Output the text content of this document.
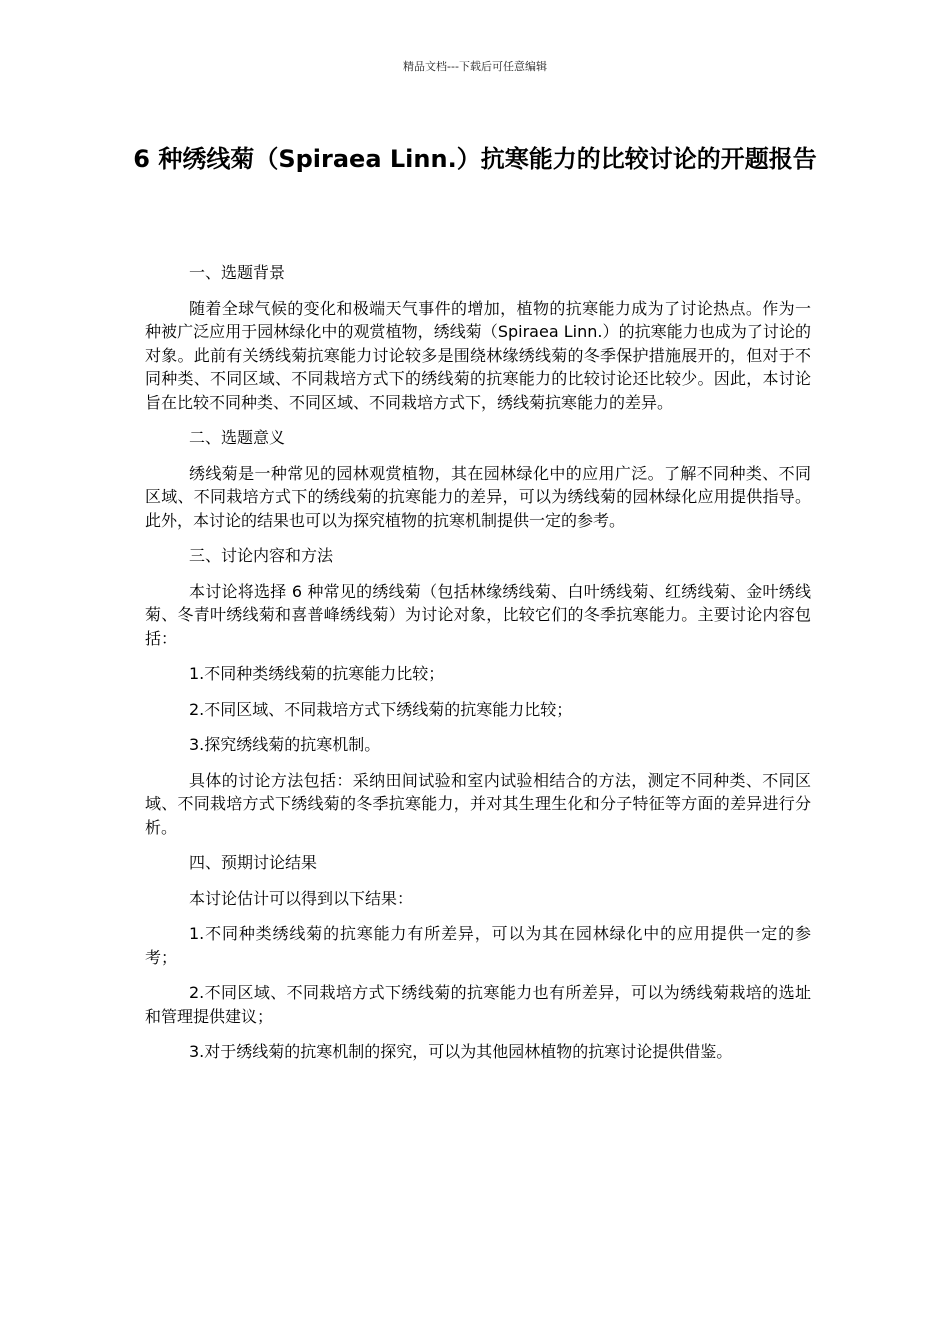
精品文档---下载后可任意编辑
6 种绣线菊（Spiraea Linn.）抗寒能力的比较讨论的开题报告

一、选题背景

随着全球气候的变化和极端天气事件的增加，植物的抗寒能力成为了讨论热点。作为一种被广泛应用于园林绿化中的观赏植物，绣线菊（Spiraea Linn.）的抗寒能力也成为了讨论的对象。此前有关绣线菊抗寒能力讨论较多是围绕林缘绣线菊的冬季保护措施展开的，但对于不同种类、不同区域、不同栽培方式下的绣线菊的抗寒能力的比较讨论还比较少。因此，本讨论旨在比较不同种类、不同区域、不同栽培方式下，绣线菊抗寒能力的差异。

二、选题意义

绣线菊是一种常见的园林观赏植物，其在园林绿化中的应用广泛。了解不同种类、不同区域、不同栽培方式下的绣线菊的抗寒能力的差异，可以为绣线菊的园林绿化应用提供指导。此外，本讨论的结果也可以为探究植物的抗寒机制提供一定的参考。

三、讨论内容和方法

本讨论将选择 6 种常见的绣线菊（包括林缘绣线菊、白叶绣线菊、红绣线菊、金叶绣线菊、冬青叶绣线菊和喜普峰绣线菊）为讨论对象，比较它们的冬季抗寒能力。主要讨论内容包括：

1.不同种类绣线菊的抗寒能力比较；

2.不同区域、不同栽培方式下绣线菊的抗寒能力比较；

3.探究绣线菊的抗寒机制。

具体的讨论方法包括：采纳田间试验和室内试验相结合的方法，测定不同种类、不同区域、不同栽培方式下绣线菊的冬季抗寒能力，并对其生理生化和分子特征等方面的差异进行分析。

四、预期讨论结果

本讨论估计可以得到以下结果：

1.不同种类绣线菊的抗寒能力有所差异，可以为其在园林绿化中的应用提供一定的参考；

2.不同区域、不同栽培方式下绣线菊的抗寒能力也有所差异，可以为绣线菊栽培的选址和管理提供建议；

3.对于绣线菊的抗寒机制的探究，可以为其他园林植物的抗寒讨论提供借鉴。
